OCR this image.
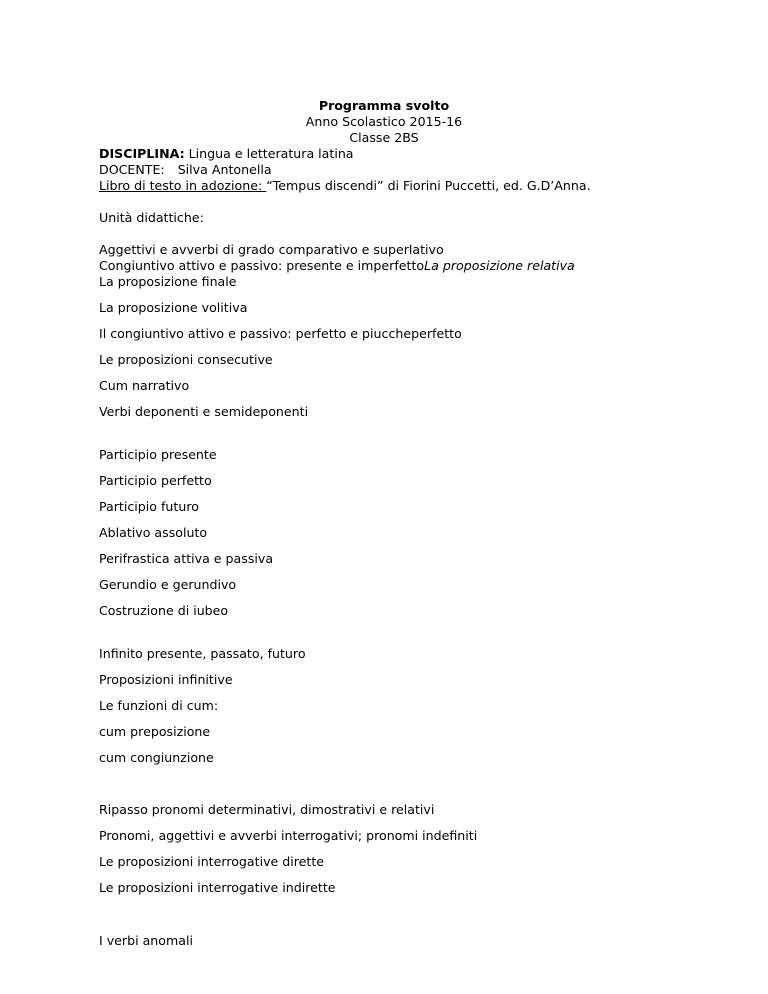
Programma svolto
Anno Scolastico 2015-16
Classe 2BS
DISCIPLINA: Lingua e letteratura latina
DOCENTE: Silva Antonella
Libro di testo in adozione: “Tempus discendi” di Fiorini Puccetti, ed. G.D’Anna.
Unità didattiche:
Aggettivi e avverbi di grado comparativo e superlativo
Congiuntivo attivo e passivo: presente e imperfettoLa proposizione relativa
La proposizione finale
La proposizione volitiva
Il congiuntivo attivo e passivo: perfetto e piuccheperfetto
Le proposizioni consecutive
Cum narrativo
Verbi deponenti e semideponenti
Participio presente
Participio perfetto
Participio futuro
Ablativo assoluto
Perifrastica attiva e passiva
Gerundio e gerundivo
Costruzione di iubeo
Infinito presente, passato, futuro
Proposizioni infinitive
Le funzioni di cum:
cum preposizione
cum congiunzione
Ripasso pronomi determinativi, dimostrativi e relativi
Pronomi, aggettivi e avverbi interrogativi; pronomi indefiniti
Le proposizioni interrogative dirette
Le proposizioni interrogative indirette
I verbi anomali
